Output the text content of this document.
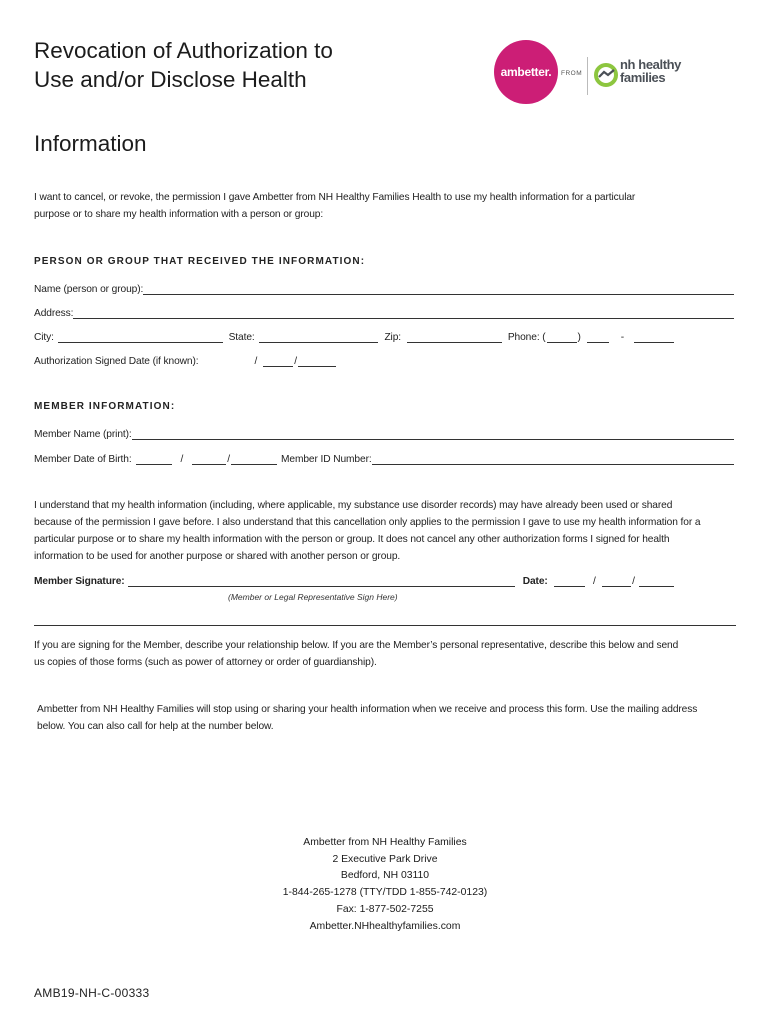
Revocation of Authorization to
Use and/or Disclose Health
Information
ambetter. FROM
nh healthy
families
I want to cancel, or revoke, the permission I gave Ambetter from NH Healthy Families Health to use my health information for a particular
purpose or to share my health information with a person or group:
PERSON OR GROUP THAT RECEIVED THE INFORMATION:
Name (person or group):
Address:
City:	State:	Zip:	Phone: (	)	-
Authorization Signed Date (if known):	/	/
MEMBER INFORMATION:
Member Name (print):
Member Date of Birth:	/	/	Member ID Number:
I understand that my health information (including, where applicable, my substance use disorder records) may have already been used or shared
because of the permission I gave before. I also understand that this cancellation only applies to the permission I gave to use my health information for a
particular purpose or to share my health information with the person or group. It does not cancel any other authorization forms I signed for health
information to be used for another purpose or shared with another person or group.
Member Signature:	Date:	/	/
(Member or Legal Representative Sign Here)
If you are signing for the Member, describe your relationship below. If you are the Member’s personal representative, describe this below and send
us copies of those forms (such as power of attorney or order of guardianship).
Ambetter from NH Healthy Families will stop using or sharing your health information when we receive and process this form. Use the mailing address
below. You can also call for help at the number below.
Ambetter from NH Healthy Families
2 Executive Park Drive
Bedford, NH 03110
1-844-265-1278 (TTY/TDD 1-855-742-0123)
Fax: 1-877-502-7255
Ambetter.NHhealthyfamilies.com
AMB19-NH-C-00333
